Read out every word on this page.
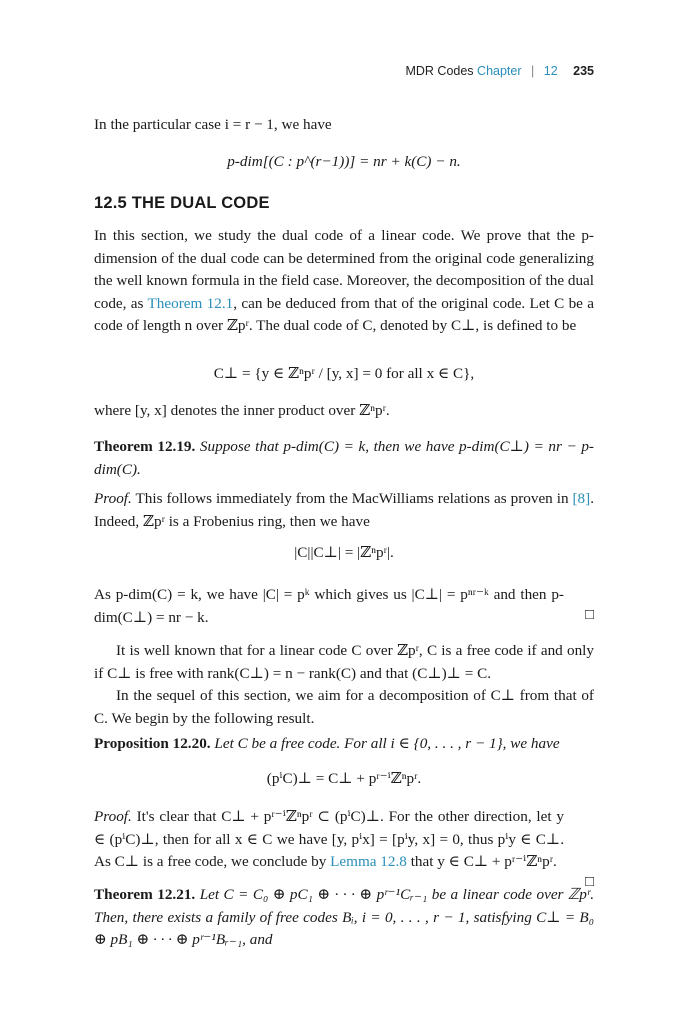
MDR Codes Chapter | 12 235
In the particular case i = r − 1, we have
p-dim[(C : p^(r−1))] = nr + k(C) − n.
12.5 THE DUAL CODE
In this section, we study the dual code of a linear code. We prove that the p-dimension of the dual code can be determined from the original code generalizing the well known formula in the field case. Moreover, the decomposition of the dual code, as Theorem 12.1, can be deduced from that of the original code. Let C be a code of length n over ℤpʳ. The dual code of C, denoted by C⊥, is defined to be
C⊥ = {y ∈ ℤⁿpʳ / [y, x] = 0 for all x ∈ C},
where [y, x] denotes the inner product over ℤⁿpʳ.
Theorem 12.19. Suppose that p-dim(C) = k, then we have p-dim(C⊥) = nr − p-dim(C).
Proof. This follows immediately from the MacWilliams relations as proven in [8]. Indeed, ℤpʳ is a Frobenius ring, then we have
|C||C⊥| = |ℤⁿpʳ|.
As p-dim(C) = k, we have |C| = pᵏ which gives us |C⊥| = pⁿʳ⁻ᵏ and then p-dim(C⊥) = nr − k.	□
It is well known that for a linear code C over ℤpʳ, C is a free code if and only if C⊥ is free with rank(C⊥) = n − rank(C) and that (C⊥)⊥ = C.
In the sequel of this section, we aim for a decomposition of C⊥ from that of C. We begin by the following result.
Proposition 12.20. Let C be a free code. For all i ∈ {0, . . . , r − 1}, we have
(pⁱC)⊥ = C⊥ + pʳ⁻ⁱℤⁿpʳ.
Proof. It's clear that C⊥ + pʳ⁻ⁱℤⁿpʳ ⊂ (pⁱC)⊥. For the other direction, let y ∈ (pⁱC)⊥, then for all x ∈ C we have [y, pⁱx] = [pⁱy, x] = 0, thus pⁱy ∈ C⊥. As C⊥ is a free code, we conclude by Lemma 12.8 that y ∈ C⊥ + pʳ⁻ⁱℤⁿpʳ.
□
Theorem 12.21. Let C = C₀ ⊕ pC₁ ⊕ · · · ⊕ pʳ⁻¹Cᵣ₋₁ be a linear code over ℤpʳ. Then, there exists a family of free codes Bᵢ, i = 0, . . . , r − 1, satisfying C⊥ = B₀ ⊕ pB₁ ⊕ · · · ⊕ pʳ⁻¹Bᵣ₋₁, and
